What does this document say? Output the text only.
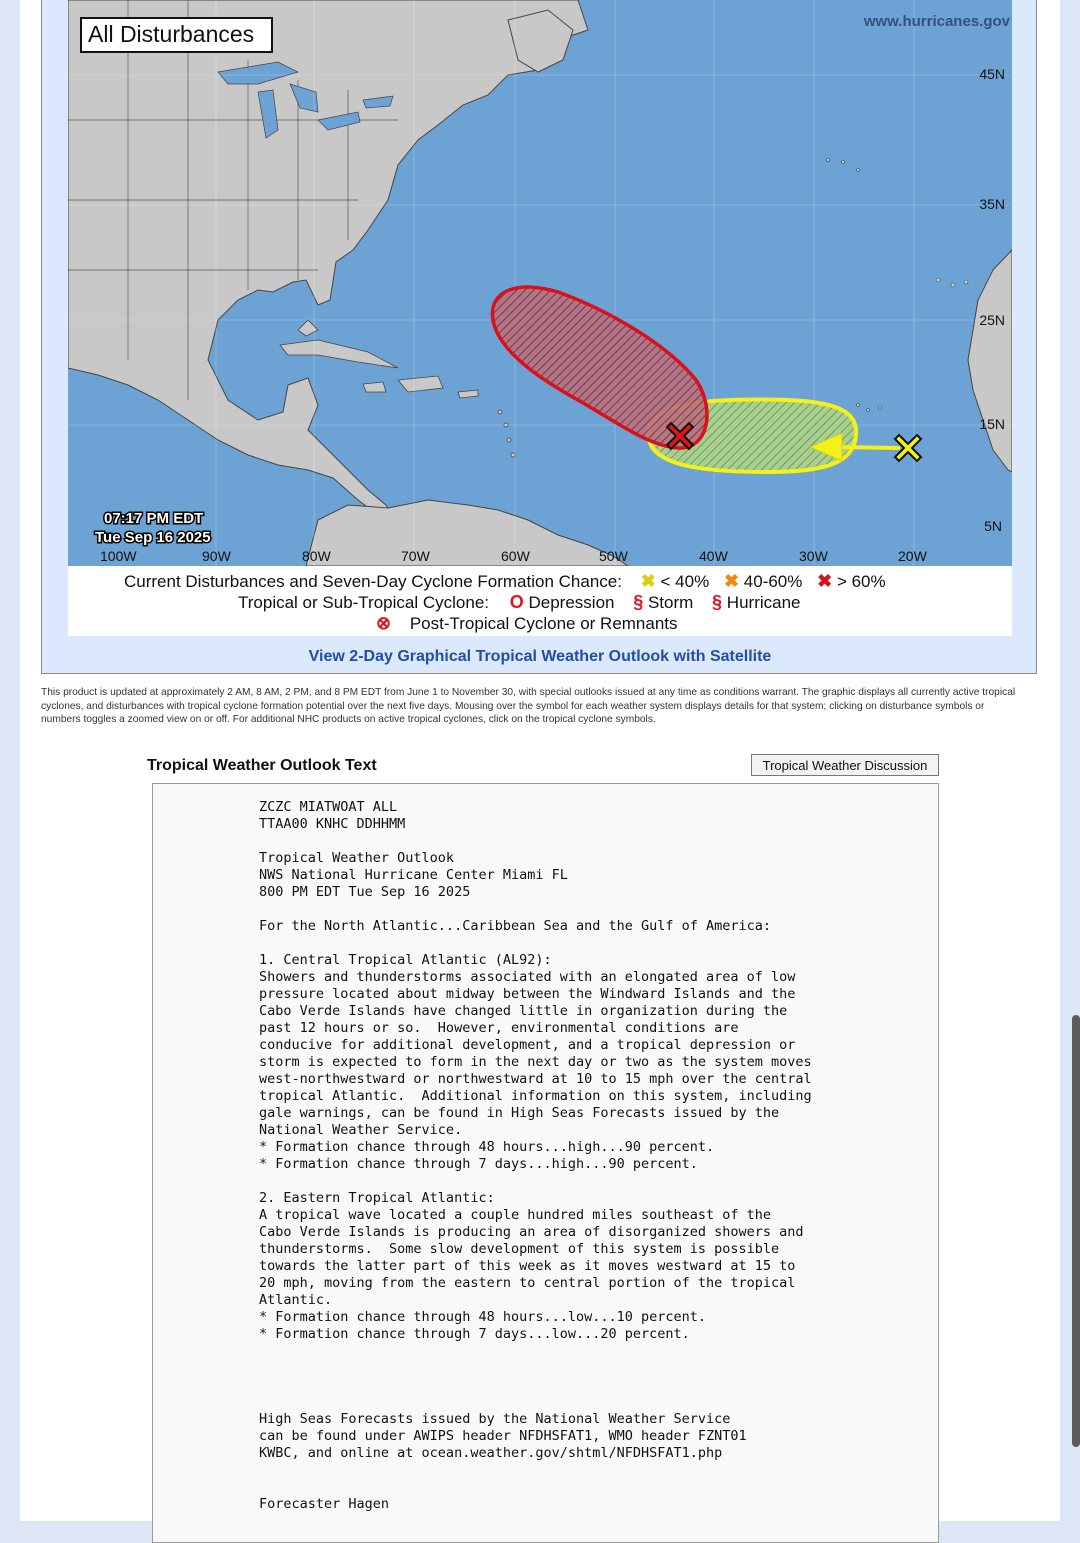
View 2-Day Graphical Tropical Weather Outlook with Satellite
All Disturbances	www.hurricanes.gov
45N
35N
25N
15N
5N
07:17 PM EDT
Tue Sep 16 2025
100W	90W	80W	70W	60W	50W	40W	30W	20W
Current Disturbances and Seven-Day Cyclone Formation Chance: ✖ < 40% ✖ 40-60% ✖ > 60%
Tropical or Sub-Tropical Cyclone: O Depression § Storm § Hurricane
⊗ Post-Tropical Cyclone or Remnants
This product is updated at approximately 2 AM, 8 AM, 2 PM, and 8 PM EDT from June 1 to November 30, with special outlooks issued at any time as conditions warrant. The graphic displays all currently active tropical cyclones, and disturbances with tropical cyclone formation potential over the next five days. Mousing over the symbol for each weather system displays details for that system; clicking on disturbance symbols or numbers toggles a zoomed view on or off. For additional NHC products on active tropical cyclones, click on the tropical cyclone symbols.
Tropical Weather Outlook Text	Tropical Weather Discussion
ZCZC MIATWOAT ALL
TTAA00 KNHC DDHHMM

Tropical Weather Outlook
NWS National Hurricane Center Miami FL
800 PM EDT Tue Sep 16 2025

For the North Atlantic...Caribbean Sea and the Gulf of America:

1. Central Tropical Atlantic (AL92):
Showers and thunderstorms associated with an elongated area of low
pressure located about midway between the Windward Islands and the
Cabo Verde Islands have changed little in organization during the
past 12 hours or so.  However, environmental conditions are
conducive for additional development, and a tropical depression or
storm is expected to form in the next day or two as the system moves
west-northwestward or northwestward at 10 to 15 mph over the central
tropical Atlantic.  Additional information on this system, including
gale warnings, can be found in High Seas Forecasts issued by the
National Weather Service.
* Formation chance through 48 hours...high...90 percent.
* Formation chance through 7 days...high...90 percent.

2. Eastern Tropical Atlantic:
A tropical wave located a couple hundred miles southeast of the
Cabo Verde Islands is producing an area of disorganized showers and
thunderstorms.  Some slow development of this system is possible
towards the latter part of this week as it moves westward at 15 to
20 mph, moving from the eastern to central portion of the tropical
Atlantic.
* Formation chance through 48 hours...low...10 percent.
* Formation chance through 7 days...low...20 percent.

High Seas Forecasts issued by the National Weather Service
can be found under AWIPS header NFDHSFAT1, WMO header FZNT01
KWBC, and online at ocean.weather.gov/shtml/NFDHSFAT1.php

Forecaster Hagen
